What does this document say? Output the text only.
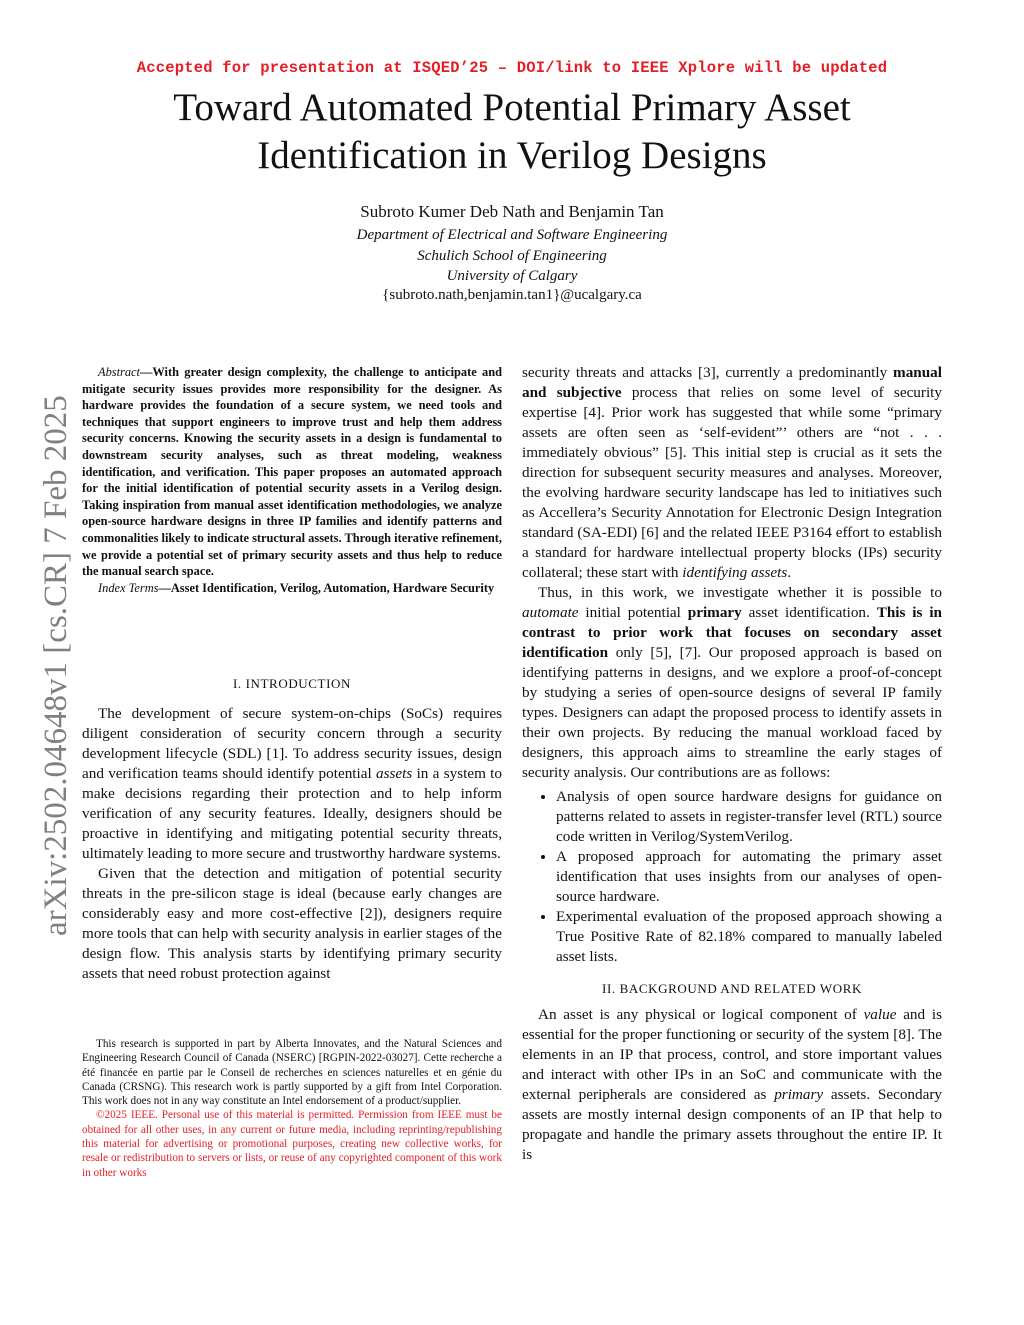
Accepted for presentation at ISQED’25 – DOI/link to IEEE Xplore will be updated
Toward Automated Potential Primary Asset
Identification in Verilog Designs
Subroto Kumer Deb Nath and Benjamin Tan
Department of Electrical and Software Engineering
Schulich School of Engineering
University of Calgary
{subroto.nath,benjamin.tan1}@ucalgary.ca
arXiv:2502.04648v1 [cs.CR] 7 Feb 2025

Abstract—With greater design complexity, the challenge to anticipate and mitigate security issues provides more responsibility for the designer. As hardware provides the foundation of a secure system, we need tools and techniques that support engineers to improve trust and help them address security concerns. Knowing the security assets in a design is fundamental to downstream security analyses, such as threat modeling, weakness identification, and verification. This paper proposes an automated approach for the initial identification of potential security assets in a Verilog design. Taking inspiration from manual asset identification methodologies, we analyze open-source hardware designs in three IP families and identify patterns and commonalities likely to indicate structural assets. Through iterative refinement, we provide a potential set of primary security assets and thus help to reduce the manual search space.

Index Terms—Asset Identification, Verilog, Automation, Hardware Security

I. INTRODUCTION

The development of secure system-on-chips (SoCs) requires diligent consideration of security concern through a security development lifecycle (SDL) [1]. To address security issues, design and verification teams should identify potential assets in a system to make decisions regarding their protection and to help inform verification of any security features. Ideally, designers should be proactive in identifying and mitigating potential security threats, ultimately leading to more secure and trustworthy hardware systems.

Given that the detection and mitigation of potential security threats in the pre-silicon stage is ideal (because early changes are considerably easy and more cost-effective [2]), designers require more tools that can help with security analysis in earlier stages of the design flow. This analysis starts by identifying primary security assets that need robust protection against

This research is supported in part by Alberta Innovates, and the Natural Sciences and Engineering Research Council of Canada (NSERC) [RGPIN-2022-03027]. Cette recherche a été financée en partie par le Conseil de recherches en sciences naturelles et en génie du Canada (CRSNG). This research work is partly supported by a gift from Intel Corporation. This work does not in any way constitute an Intel endorsement of a product/supplier.

©2025 IEEE. Personal use of this material is permitted. Permission from IEEE must be obtained for all other uses, in any current or future media, including reprinting/republishing this material for advertising or promotional purposes, creating new collective works, for resale or redistribution to servers or lists, or reuse of any copyrighted component of this work in other works

security threats and attacks [3], currently a predominantly manual and subjective process that relies on some level of security expertise [4]. Prior work has suggested that while some “primary assets are often seen as ‘self-evident”’ others are “not . . . immediately obvious” [5]. This initial step is crucial as it sets the direction for subsequent security measures and analyses. Moreover, the evolving hardware security landscape has led to initiatives such as Accellera’s Security Annotation for Electronic Design Integration standard (SA-EDI) [6] and the related IEEE P3164 effort to establish a standard for hardware intellectual property blocks (IPs) security collateral; these start with identifying assets.

Thus, in this work, we investigate whether it is possible to automate initial potential primary asset identification. This is in contrast to prior work that focuses on secondary asset identification only [5], [7]. Our proposed approach is based on identifying patterns in designs, and we explore a proof-of-concept by studying a series of open-source designs of several IP family types. Designers can adapt the proposed process to identify assets in their own projects. By reducing the manual workload faced by designers, this approach aims to streamline the early stages of security analysis. Our contributions are as follows:

• Analysis of open source hardware designs for guidance on patterns related to assets in register-transfer level (RTL) source code written in Verilog/SystemVerilog.
• A proposed approach for automating the primary asset identification that uses insights from our analyses of open-source hardware.
• Experimental evaluation of the proposed approach showing a True Positive Rate of 82.18% compared to manually labeled asset lists.
II. BACKGROUND AND RELATED WORK

An asset is any physical or logical component of value and is essential for the proper functioning or security of the system [8]. The elements in an IP that process, control, and store important values and interact with other IPs in an SoC and communicate with the external peripherals are considered as primary assets. Secondary assets are mostly internal design components of an IP that help to propagate and handle the primary assets throughout the entire IP. It is
